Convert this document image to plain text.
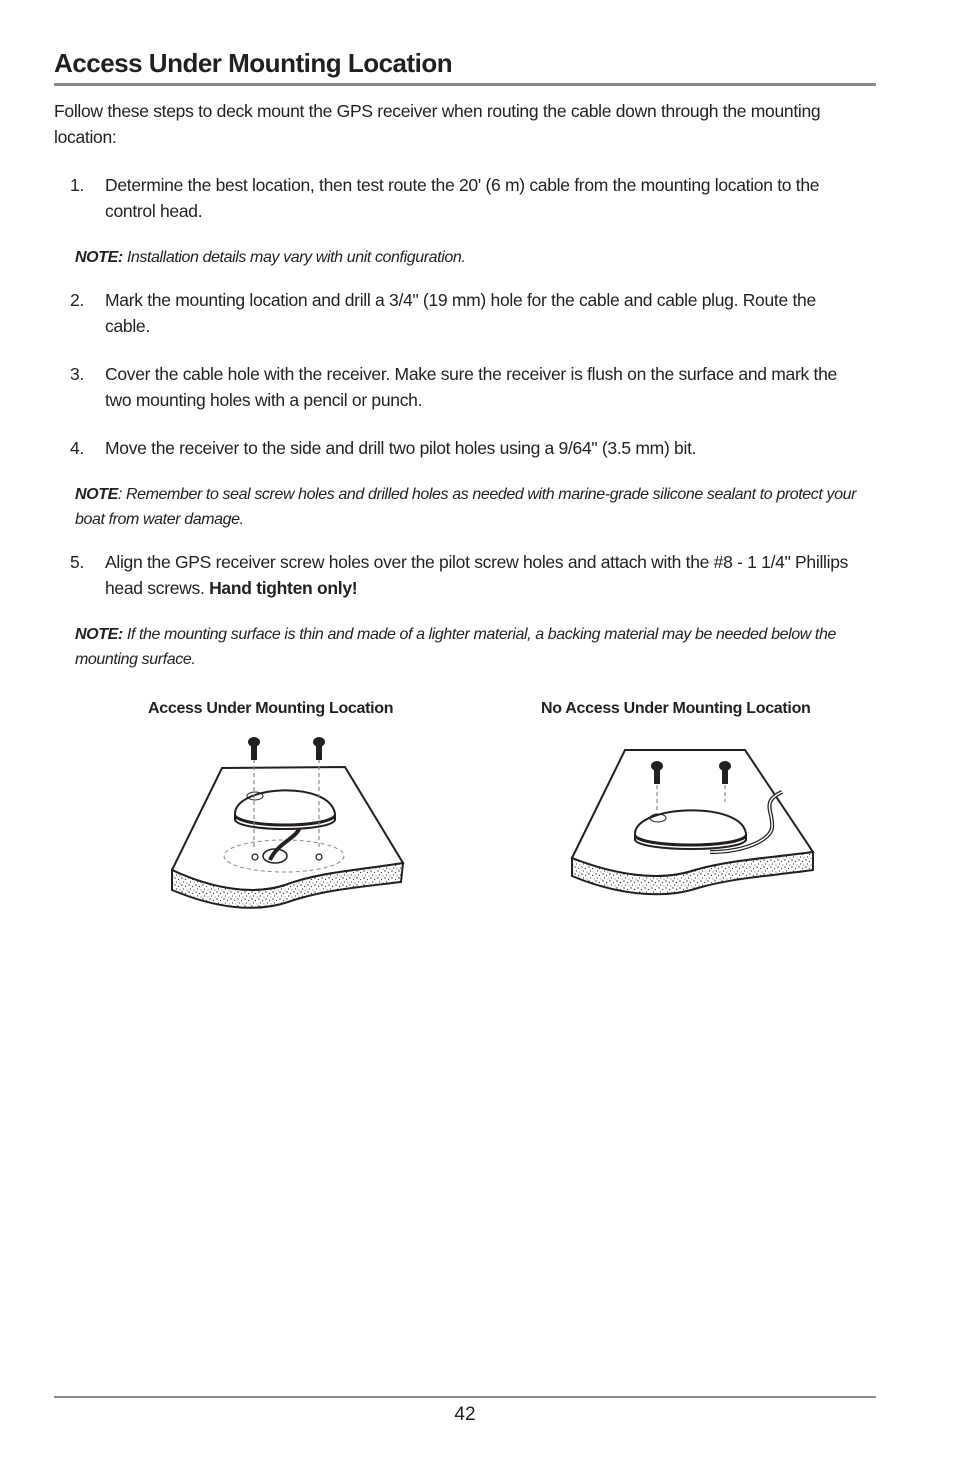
Access Under Mounting Location

Follow these steps to deck mount the GPS receiver when routing the cable down through the mounting location:

1. Determine the best location, then test route the 20' (6 m) cable from the mounting location to the control head.

NOTE: Installation details may vary with unit configuration.

2. Mark the mounting location and drill a 3/4" (19 mm) hole for the cable and cable plug. Route the cable.
3. Cover the cable hole with the receiver. Make sure the receiver is flush on the surface and mark the two mounting holes with a pencil or punch.
4. Move the receiver to the side and drill two pilot holes using a 9/64" (3.5 mm) bit.

NOTE: Remember to seal screw holes and drilled holes as needed with marine-grade silicone sealant to protect your boat from water damage.

5. Align the GPS receiver screw holes over the pilot screw holes and attach with the #8 - 1 1/4" Phillips head screws. Hand tighten only!

NOTE: If the mounting surface is thin and made of a lighter material, a backing material may be needed below the mounting surface.

Access Under Mounting Location	No Access Under Mounting Location
42
